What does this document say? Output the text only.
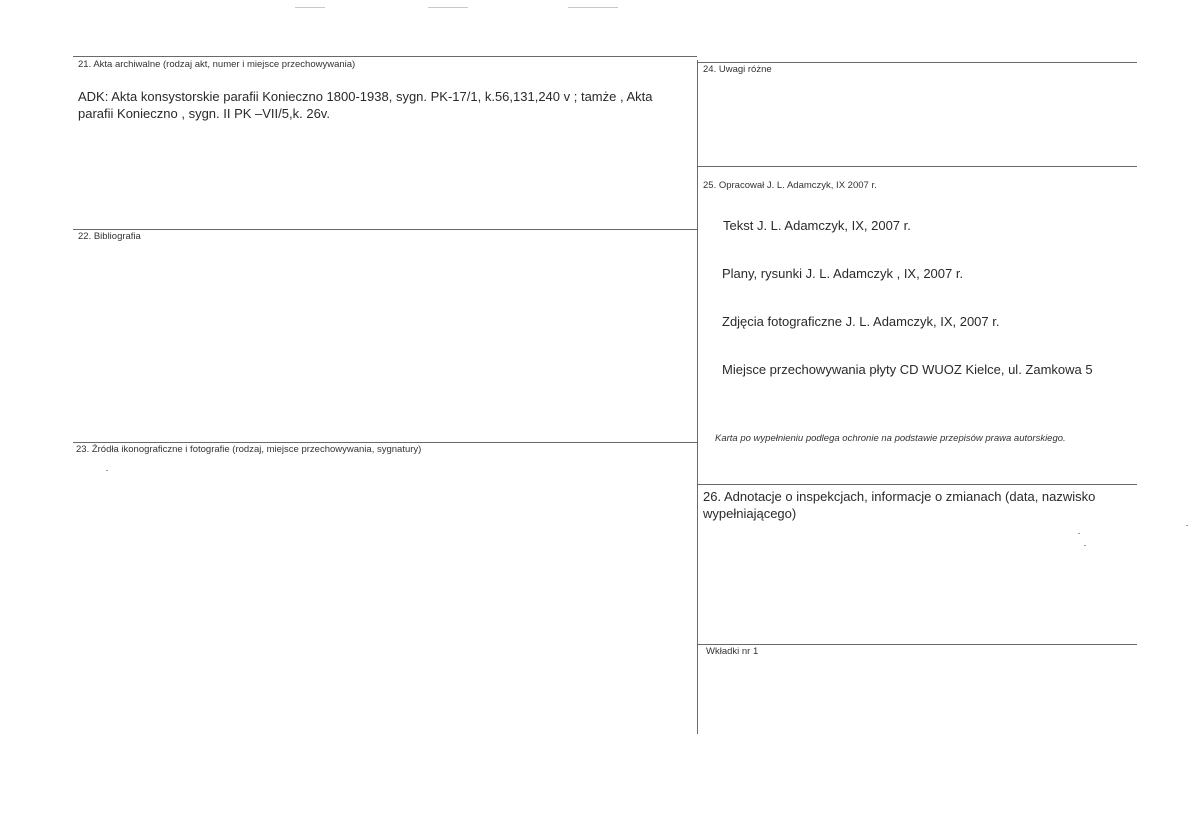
21. Akta archiwalne (rodzaj akt, numer i miejsce przechowywania)
ADK: Akta konsystorskie parafii Konieczno 1800-1938, sygn. PK-17/1, k.56,131,240 v ; tamże , Akta parafii Konieczno , sygn. II PK –VII/5,k. 26v.
22. Bibliografia
23. Źródła ikonograficzne i fotografie (rodzaj, miejsce przechowywania, sygnatury)
24. Uwagi różne
25. Opracował J. L. Adamczyk, IX 2007 r.
Tekst J. L. Adamczyk, IX, 2007 r.
Plany, rysunki J. L. Adamczyk , IX, 2007 r.
Zdjęcia fotograficzne J. L. Adamczyk, IX, 2007 r.
Miejsce przechowywania płyty CD WUOZ Kielce, ul. Zamkowa 5
Karta po wypełnieniu podlega ochronie na podstawie przepisów prawa autorskiego.
26. Adnotacje o inspekcjach, informacje o zmianach (data, nazwisko wypełniającego)
Wkładki nr 1
